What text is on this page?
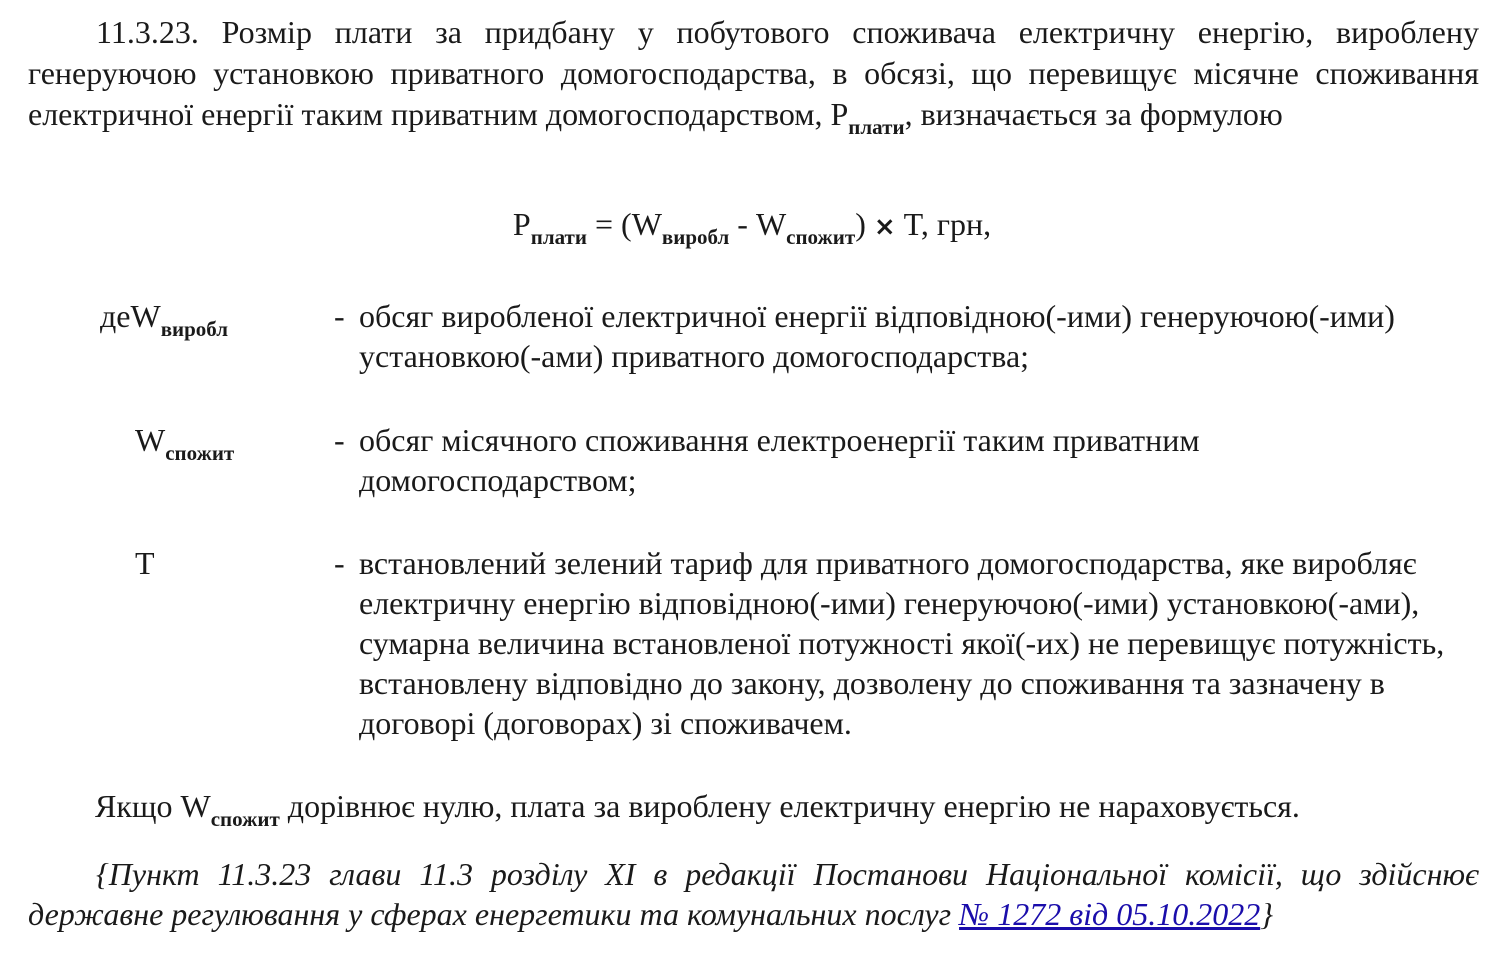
11.3.23. Розмір плати за придбану у побутового споживача електричну енергію, вироблену генеруючою установкою приватного домогосподарства, в обсязі, що перевищує місячне споживання електричної енергії таким приватним домогосподарством, $P_{плати}$, визначається за формулою
$P_{плати} = (W_{виробл} - W_{спожит}) \times T$, грн,
деW$_{виробл}$	- обсяг виробленої електричної енергії відповідною(-ими) генеруючою(-ими) установкою(-ами) приватного домогосподарства;
$W_{спожит}$	- обсяг місячного споживання електроенергії таким приватним домогосподарством;
T	- встановлений зелений тариф для приватного домогосподарства, яке виробляє електричну енергію відповідною(-ими) генеруючою(-ими) установкою(-ами), сумарна величина встановленої потужності якої(-их) не перевищує потужність, встановлену відповідно до закону, дозволену до споживання та зазначену в договорі (договорах) зі споживачем.
Якщо $W_{спожит}$ дорівнює нулю, плата за вироблену електричну енергію не нараховується.
{Пункт 11.3.23 глави 11.3 розділу XI в редакції Постанови Національної комісії, що здійснює державне регулювання у сферах енергетики та комунальних послуг № 1272 від 05.10.2022}
